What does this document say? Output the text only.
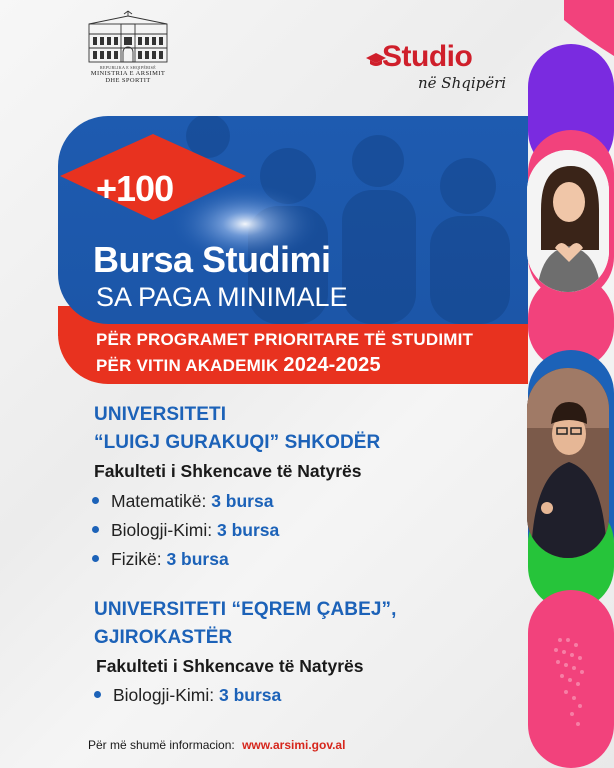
REPUBLIKA E SHQIPËRISË
MINISTRIA E ARSIMIT
DHE SPORTIT
Studio
në Shqipëri
+100
Bursa Studimi
SA PAGA MINIMALE
PËR PROGRAMET PRIORITARE TË STUDIMIT
PËR VITIN AKADEMIK 2024-2025
UNIVERSITETI
“LUIGJ GURAKUQI” SHKODËR
Fakulteti i Shkencave të Natyrës
Matematikë: 3 bursa
Biologji-Kimi: 3 bursa
Fizikë: 3 bursa
UNIVERSITETI “EQREM ÇABEJ”,
GJIROKASTËR
Fakulteti i Shkencave të Natyrës
Biologji-Kimi: 3 bursa
Për më shumë informacion: www.arsimi.gov.al
